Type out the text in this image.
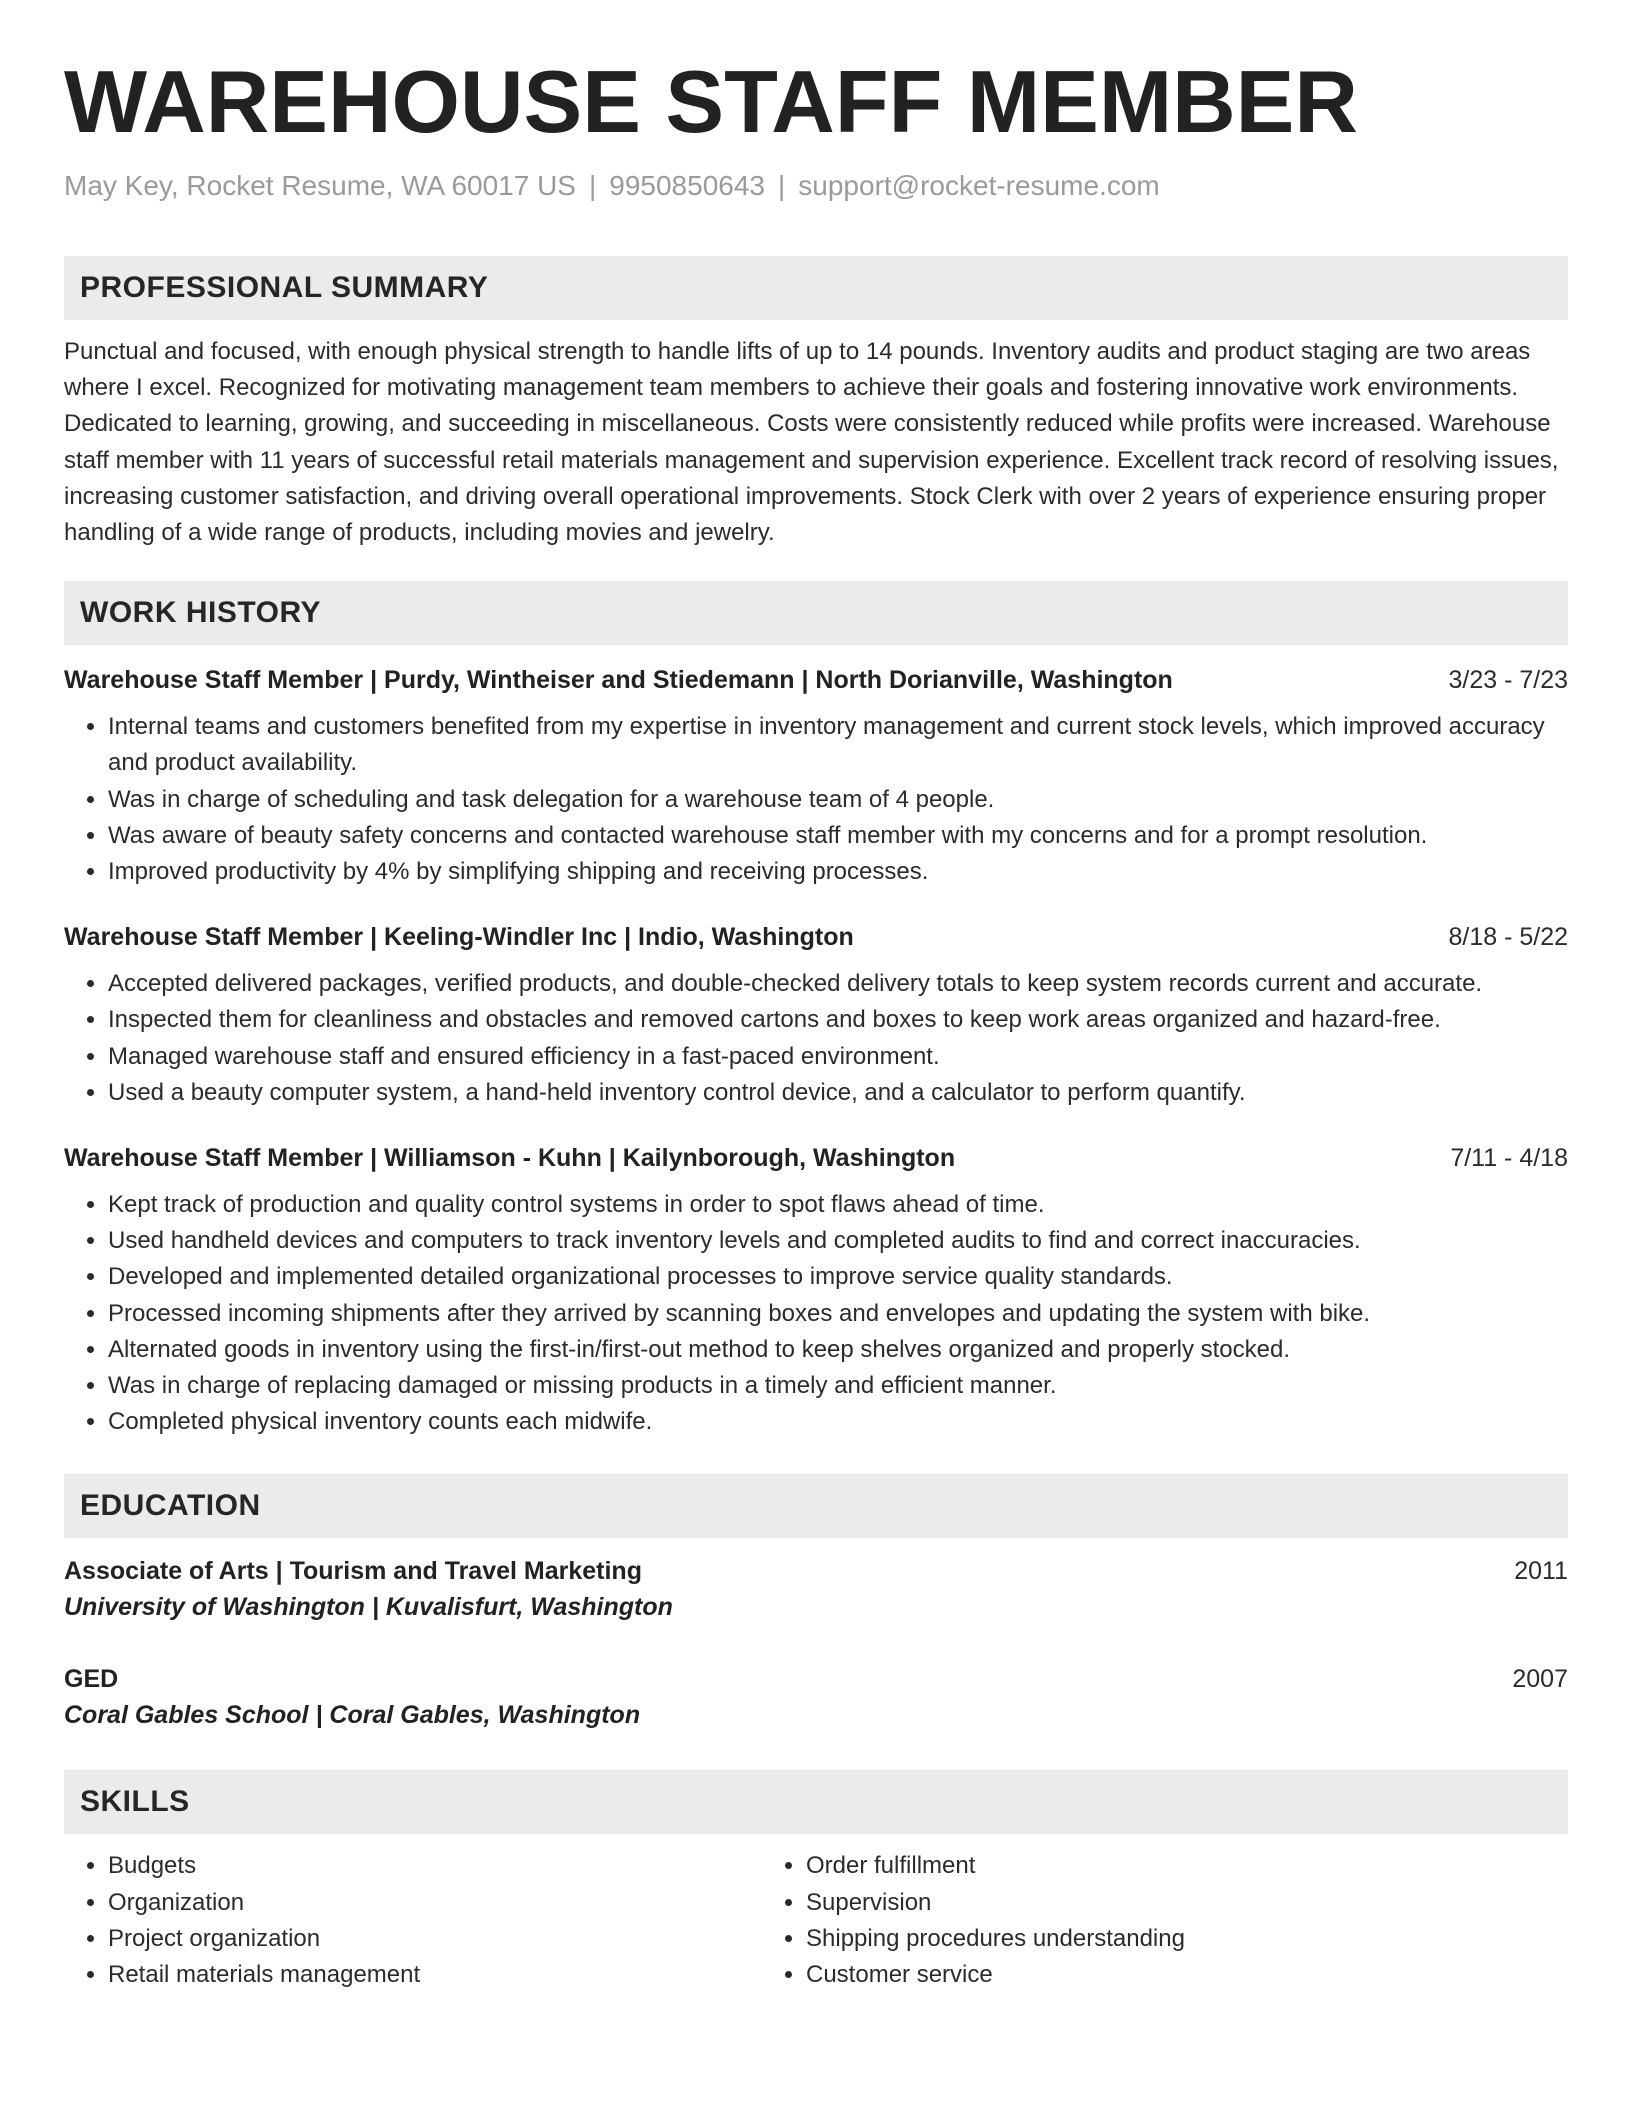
WAREHOUSE STAFF MEMBER
May Key, Rocket Resume, WA 60017 US | 9950850643 | support@rocket-resume.com
PROFESSIONAL SUMMARY
Punctual and focused, with enough physical strength to handle lifts of up to 14 pounds. Inventory audits and product staging are two areas where I excel. Recognized for motivating management team members to achieve their goals and fostering innovative work environments. Dedicated to learning, growing, and succeeding in miscellaneous. Costs were consistently reduced while profits were increased. Warehouse staff member with 11 years of successful retail materials management and supervision experience. Excellent track record of resolving issues, increasing customer satisfaction, and driving overall operational improvements. Stock Clerk with over 2 years of experience ensuring proper handling of a wide range of products, including movies and jewelry.
WORK HISTORY
Warehouse Staff Member | Purdy, Wintheiser and Stiedemann | North Dorianville, Washington	3/23 - 7/23
• Internal teams and customers benefited from my expertise in inventory management and current stock levels, which improved accuracy and product availability.
• Was in charge of scheduling and task delegation for a warehouse team of 4 people.
• Was aware of beauty safety concerns and contacted warehouse staff member with my concerns and for a prompt resolution.
• Improved productivity by 4% by simplifying shipping and receiving processes.
Warehouse Staff Member | Keeling-Windler Inc | Indio, Washington	8/18 - 5/22
• Accepted delivered packages, verified products, and double-checked delivery totals to keep system records current and accurate.
• Inspected them for cleanliness and obstacles and removed cartons and boxes to keep work areas organized and hazard-free.
• Managed warehouse staff and ensured efficiency in a fast-paced environment.
• Used a beauty computer system, a hand-held inventory control device, and a calculator to perform quantify.
Warehouse Staff Member | Williamson - Kuhn | Kailynborough, Washington	7/11 - 4/18
• Kept track of production and quality control systems in order to spot flaws ahead of time.
• Used handheld devices and computers to track inventory levels and completed audits to find and correct inaccuracies.
• Developed and implemented detailed organizational processes to improve service quality standards.
• Processed incoming shipments after they arrived by scanning boxes and envelopes and updating the system with bike.
• Alternated goods in inventory using the first-in/first-out method to keep shelves organized and properly stocked.
• Was in charge of replacing damaged or missing products in a timely and efficient manner.
• Completed physical inventory counts each midwife.
EDUCATION
Associate of Arts | Tourism and Travel Marketing	2011
University of Washington | Kuvalisfurt, Washington
GED	2007
Coral Gables School | Coral Gables, Washington
SKILLS
• Budgets
• Organization
• Project organization
• Retail materials management
• Order fulfillment
• Supervision
• Shipping procedures understanding
• Customer service
